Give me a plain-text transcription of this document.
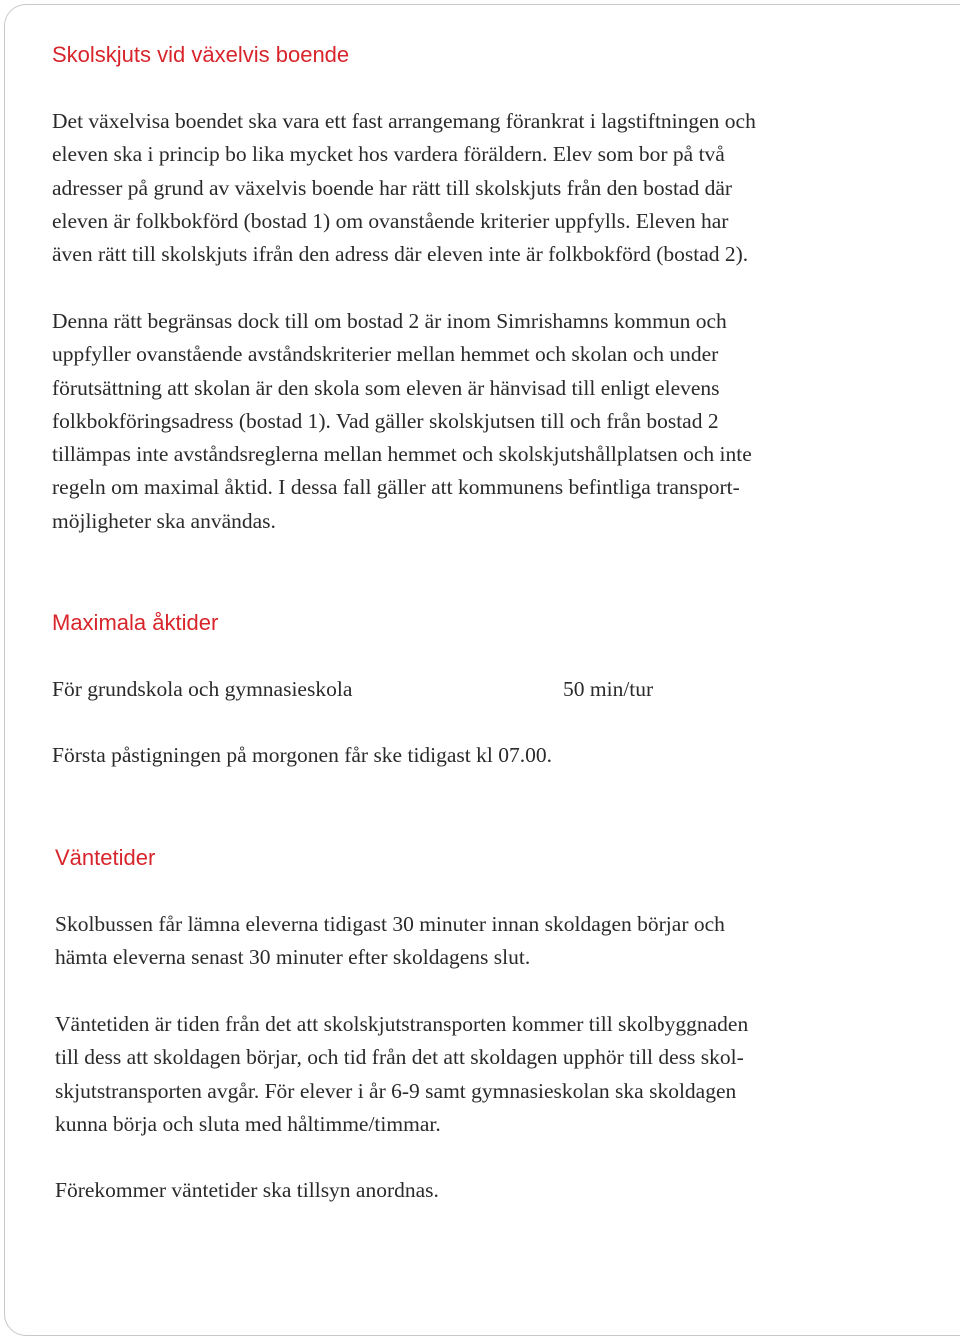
Skolskjuts vid växelvis boende

Det växelvisa boendet ska vara ett fast arrangemang förankrat i lagstiftningen och
eleven ska i princip bo lika mycket hos vardera föräldern. Elev som bor på två
adresser på grund av växelvis boende har rätt till skolskjuts från den bostad där
eleven är folkbokförd (bostad 1) om ovanstående kriterier uppfylls. Eleven har
även rätt till skolskjuts ifrån den adress där eleven inte är folkbokförd (bostad 2).

Denna rätt begränsas dock till om bostad 2 är inom Simrishamns kommun och
uppfyller ovanstående avståndskriterier mellan hemmet och skolan och under
förutsättning att skolan är den skola som eleven är hänvisad till enligt elevens
folkbokföringsadress (bostad 1). Vad gäller skolskjutsen till och från bostad 2
tillämpas inte avståndsreglerna mellan hemmet och skolskjutshållplatsen och inte
regeln om maximal åktid. I dessa fall gäller att kommunens befintliga transport-
möjligheter ska användas.

Maximala åktider
För grundskola och gymnasieskola	50 min/tur

Första påstigningen på morgonen får ske tidigast kl 07.00.

Väntetider

Skolbussen får lämna eleverna tidigast 30 minuter innan skoldagen börjar och
hämta eleverna senast 30 minuter efter skoldagens slut.

Väntetiden är tiden från det att skolskjutstransporten kommer till skolbyggnaden
till dess att skoldagen börjar, och tid från det att skoldagen upphör till dess skol-
skjutstransporten avgår. För elever i år 6-9 samt gymnasieskolan ska skoldagen
kunna börja och sluta med håltimme/timmar.

Förekommer väntetider ska tillsyn anordnas.
